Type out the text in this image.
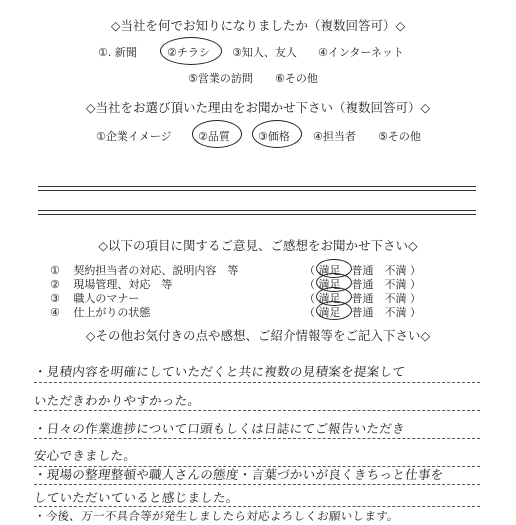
◇当社を何でお知りになりましたか（複数回答可）◇
①. 新聞	②チラシ ③知人、友人 ④インターネット
⑤営業の訪問 ⑥その他
◇当社をお選び頂いた理由をお聞かせ下さい（複数回答可）◇
①企業イメージ ②品質	③価格 ④担当者 ⑤その他
◇以下の項目に関するご意見、ご感想をお聞かせ下さい◇
① 契約担当者の対応、説明内容　等	（ 満足　普通　不満 ）
② 現場管理、対応　等	（ 満足　普通　不満 ）
③ 職人のマナー	（ 満足　普通　不満 ）
④ 仕上がりの状態	（ 満足　普通　不満 ）
◇その他お気付きの点や感想、ご紹介情報等をご記入下さい◇
・見積内容を明確にしていただくと共に複数の見積案を提案して
いただきわかりやすかった。
・日々の作業進捗について口頭もしくは日誌にてご報告いただき
安心できました。
・現場の整理整頓や職人さんの態度・言葉づかいが良くきちっと仕事を
していただいていると感じました。
・今後、万一不具合等が発生しましたら対応よろしくお願いします。
